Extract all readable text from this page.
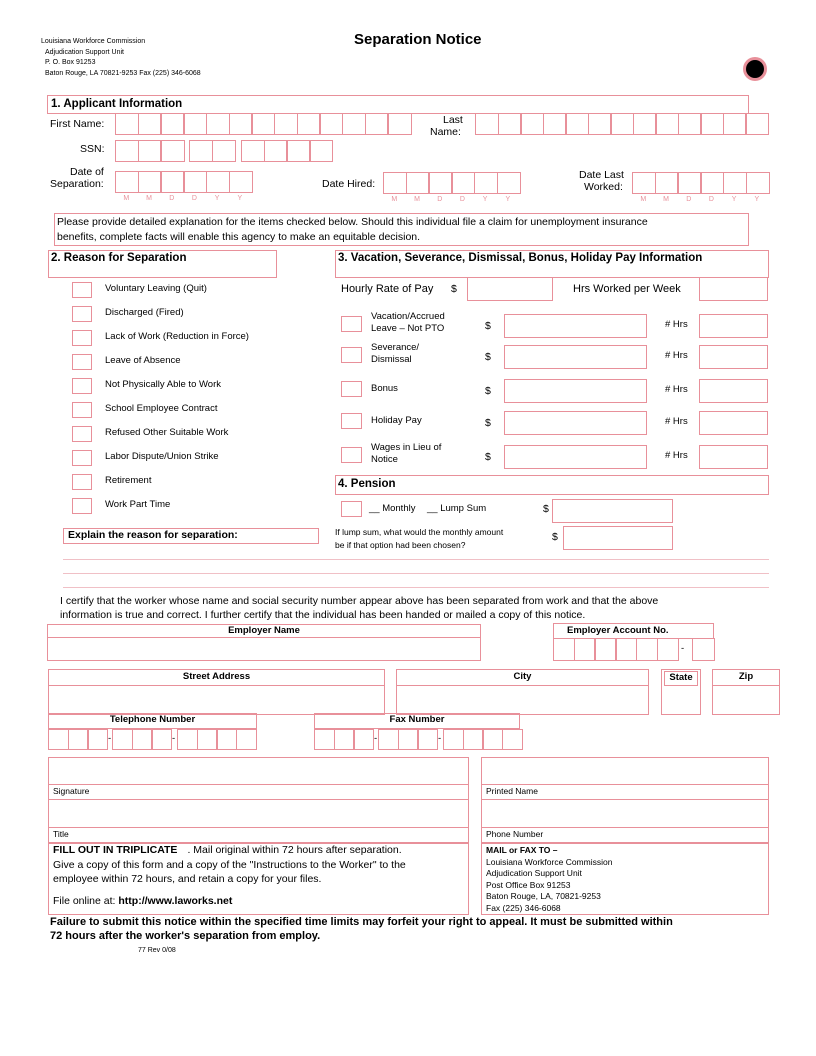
Louisiana Workforce Commission
Adjudication Support Unit
P. O. Box 91253
Baton Rouge, LA 70821-9253 Fax (225) 346-6068
Separation Notice
1. Applicant Information
First Name:	Last
Name:
SSN:
Date of
Separation:
M	M	D	D	Y	Y
Date Hired:
M	M	D	D	Y	Y
Date Last
Worked:
M	M	D	D	Y	Y
Please provide detailed explanation for the items checked below. Should this individual file a claim for unemployment insurance
benefits, complete facts will enable this agency to make an equitable decision.
2. Reason for Separation
Voluntary Leaving (Quit)
Discharged (Fired)
Lack of Work (Reduction in Force)
Leave of Absence
Not Physically Able to Work
School Employee Contract
Refused Other Suitable Work
Labor Dispute/Union Strike
Retirement
Work Part Time
Explain the reason for separation:
3. Vacation, Severance, Dismissal, Bonus, Holiday Pay Information
Hourly Rate of Pay $	Hrs Worked per Week
Vacation/Accrued
Leave – Not PTO	$	# Hrs
Severance/
Dismissal	$	# Hrs
Bonus	$	# Hrs
Holiday Pay	$	# Hrs
Wages in Lieu of
Notice	$	# Hrs
4. Pension
__ Monthly __ Lump Sum	$
If lump sum, what would the monthly amount
be if that option had been chosen?
$
I certify that the worker whose name and social security number appear above has been separated from work and that the above
information is true and correct. I further certify that the individual has been handed or mailed a copy of this notice.
Employer Name	Employer Account No.
-
Street Address	City	State	Zip
Telephone Number
-	-
Fax Number
-	-
Signature
Title
Printed Name
Phone Number
FILL OUT IN TRIPLICATE . Mail original within 72 hours after separation.
Give a copy of this form and a copy of the "Instructions to the Worker" to the
employee within 72 hours, and retain a copy for your files.
File online at: http://www.laworks.net
MAIL or FAX TO –
Louisiana Workforce Commission
Adjudication Support Unit
Post Office Box 91253
Baton Rouge, LA, 70821-9253
Fax (225) 346-6068
Failure to submit this notice within the specified time limits may forfeit your right to appeal. It must be submitted within
72 hours after the worker's separation from employ.
77 Rev 0/08
